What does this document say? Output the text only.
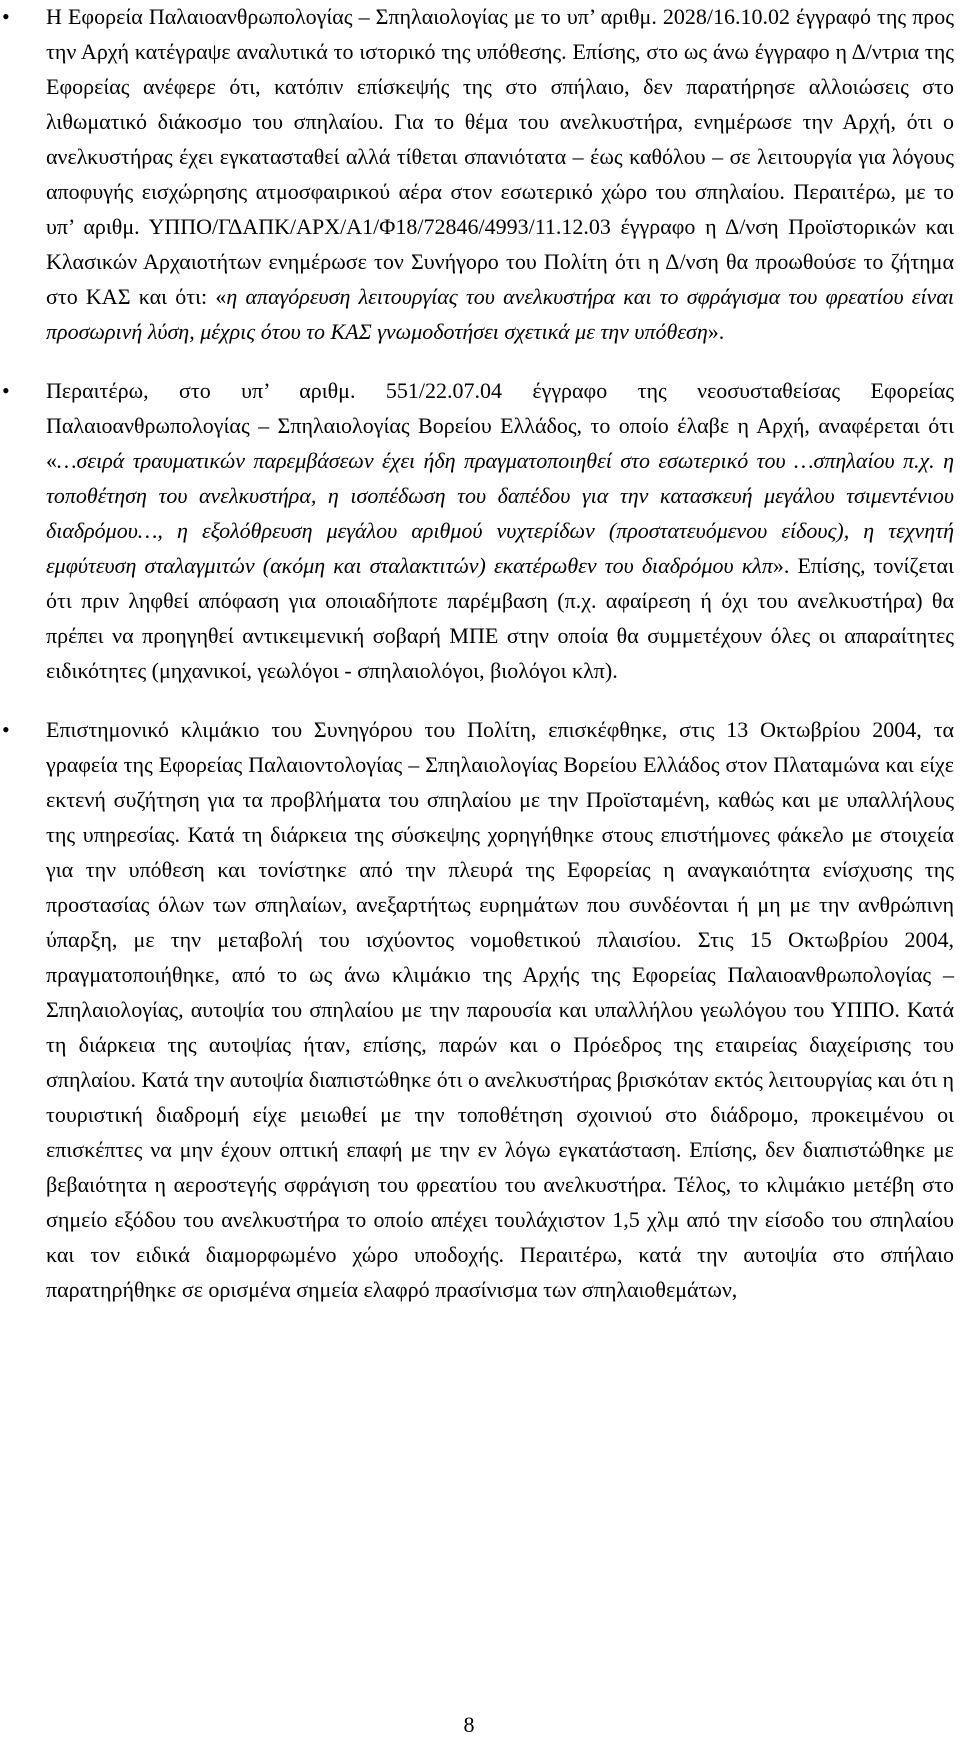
• Η Εφορεία Παλαιοανθρωπολογίας – Σπηλαιολογίας με το υπ’ αριθμ. 2028/16.10.02 έγγραφό της προς την Αρχή κατέγραψε αναλυτικά το ιστορικό της υπόθεσης. Επίσης, στο ως άνω έγγραφο η Δ/ντρια της Εφορείας ανέφερε ότι, κατόπιν επίσκεψής της στο σπήλαιο, δεν παρατήρησε αλλοιώσεις στο λιθωματικό διάκοσμο του σπηλαίου. Για το θέμα του ανελκυστήρα, ενημέρωσε την Αρχή, ότι ο ανελκυστήρας έχει εγκατασταθεί αλλά τίθεται σπανιότατα – έως καθόλου – σε λειτουργία για λόγους αποφυγής εισχώρησης ατμοσφαιρικού αέρα στον εσωτερικό χώρο του σπηλαίου. Περαιτέρω, με το υπ’ αριθμ. ΥΠΠΟ/ΓΔΑΠΚ/ΑΡΧ/Α1/Φ18/72846/4993/11.12.03 έγγραφο η Δ/νση Προϊστορικών και Κλασικών Αρχαιοτήτων ενημέρωσε τον Συνήγορο του Πολίτη ότι η Δ/νση θα προωθούσε το ζήτημα στο ΚΑΣ και ότι: «η απαγόρευση λειτουργίας του ανελκυστήρα και το σφράγισμα του φρεατίου είναι προσωρινή λύση, μέχρις ότου το ΚΑΣ γνωμοδοτήσει σχετικά με την υπόθεση».

• Περαιτέρω, στο υπ’ αριθμ. 551/22.07.04 έγγραφο της νεοσυσταθείσας Εφορείας Παλαιοανθρωπολογίας – Σπηλαιολογίας Βορείου Ελλάδος, το οποίο έλαβε η Αρχή, αναφέρεται ότι «…σειρά τραυματικών παρεμβάσεων έχει ήδη πραγματοποιηθεί στο εσωτερικό του …σπηλαίου π.χ. η τοποθέτηση του ανελκυστήρα, η ισοπέδωση του δαπέδου για την κατασκευή μεγάλου τσιμεντένιου διαδρόμου…, η εξολόθρευση μεγάλου αριθμού νυχτερίδων (προστατευόμενου είδους), η τεχνητή εμφύτευση σταλαγμιτών (ακόμη και σταλακτιτών) εκατέρωθεν του διαδρόμου κλπ». Επίσης, τονίζεται ότι πριν ληφθεί απόφαση για οποιαδήποτε παρέμβαση (π.χ. αφαίρεση ή όχι του ανελκυστήρα) θα πρέπει να προηγηθεί αντικειμενική σοβαρή ΜΠΕ στην οποία θα συμμετέχουν όλες οι απαραίτητες ειδικότητες (μηχανικοί, γεωλόγοι - σπηλαιολόγοι, βιολόγοι κλπ).

• Επιστημονικό κλιμάκιο του Συνηγόρου του Πολίτη, επισκέφθηκε, στις 13 Οκτωβρίου 2004, τα γραφεία της Εφορείας Παλαιοντολογίας – Σπηλαιολογίας Βορείου Ελλάδος στον Πλαταμώνα και είχε εκτενή συζήτηση για τα προβλήματα του σπηλαίου με την Προϊσταμένη, καθώς και με υπαλλήλους της υπηρεσίας. Κατά τη διάρκεια της σύσκεψης χορηγήθηκε στους επιστήμονες φάκελο με στοιχεία για την υπόθεση και τονίστηκε από την πλευρά της Εφορείας η αναγκαιότητα ενίσχυσης της προστασίας όλων των σπηλαίων, ανεξαρτήτως ευρημάτων που συνδέονται ή μη με την ανθρώπινη ύπαρξη, με την μεταβολή του ισχύοντος νομοθετικού πλαισίου. Στις 15 Οκτωβρίου 2004, πραγματοποιήθηκε, από το ως άνω κλιμάκιο της Αρχής της Εφορείας Παλαιοανθρωπολογίας – Σπηλαιολογίας, αυτοψία του σπηλαίου με την παρουσία και υπαλλήλου γεωλόγου του ΥΠΠΟ. Κατά τη διάρκεια της αυτοψίας ήταν, επίσης, παρών και ο Πρόεδρος της εταιρείας διαχείρισης του σπηλαίου. Κατά την αυτοψία διαπιστώθηκε ότι ο ανελκυστήρας βρισκόταν εκτός λειτουργίας και ότι η τουριστική διαδρομή είχε μειωθεί με την τοποθέτηση σχοινιού στο διάδρομο, προκειμένου οι επισκέπτες να μην έχουν οπτική επαφή με την εν λόγω εγκατάσταση. Επίσης, δεν διαπιστώθηκε με βεβαιότητα η αεροστεγής σφράγιση του φρεατίου του ανελκυστήρα. Τέλος, το κλιμάκιο μετέβη στο σημείο εξόδου του ανελκυστήρα το οποίο απέχει τουλάχιστον 1,5 χλμ από την είσοδο του σπηλαίου και τον ειδικά διαμορφωμένο χώρο υποδοχής. Περαιτέρω, κατά την αυτοψία στο σπήλαιο παρατηρήθηκε σε ορισμένα σημεία ελαφρό πρασίνισμα των σπηλαιοθεμάτων,

8
